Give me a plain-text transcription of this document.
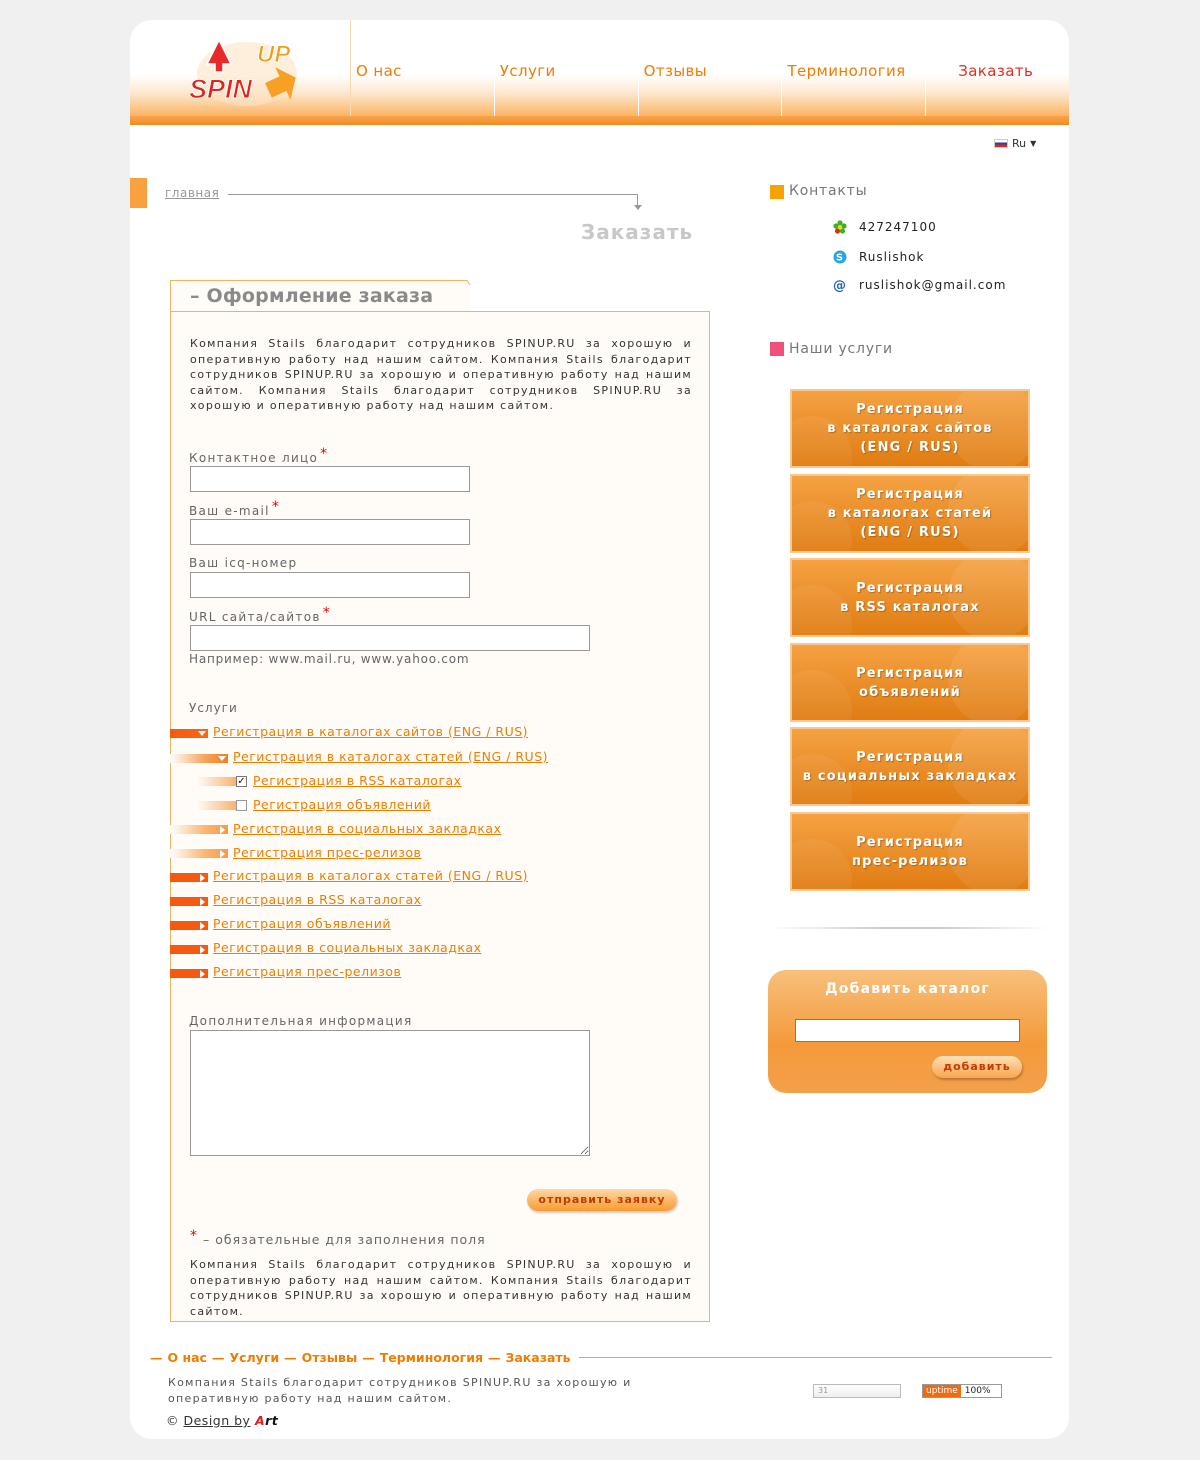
SPIN
UP
О нас	Услуги	Отзывы	Терминология	Заказать
Ru ▼
главная
Заказать
– Оформление заказа
Компания Stails благодарит сотрудников SPINUP.RU за хорошую и оперативную работу над нашим сайтом. Компания Stails благодарит сотрудников SPINUP.RU за хорошую и оперативную работу над нашим сайтом. Компания Stails благодарит сотрудников SPINUP.RU за хорошую и оперативную работу над нашим сайтом.
Контактное лицо *
Ваш e-mail *
Ваш icq-номер
URL сайта/сайтов *
Например: www.mail.ru, www.yahoo.com
Услуги
Регистрация в каталогах сайтов (ENG / RUS)
Регистрация в каталогах статей (ENG / RUS)
✓ Регистрация в RSS каталогах
Регистрация объявлений
Регистрация в социальных закладках
Регистрация прес-релизов
Регистрация в каталогах статей (ENG / RUS)
Регистрация в RSS каталогах
Регистрация объявлений
Регистрация в социальных закладках
Регистрация прес-релизов
Дополнительная информация
отправить заявку
* – обязательные для заполнения поля
Компания Stails благодарит сотрудников SPINUP.RU за хорошую и оперативную работу над нашим сайтом. Компания Stails благодарит сотрудников SPINUP.RU за хорошую и оперативную работу над нашим сайтом.
Контакты
427247100
S Ruslishok
@ ruslishok@gmail.com
Наши услуги
Регистрация
в каталогах сайтов
(ENG / RUS)
Регистрация
в каталогах статей
(ENG / RUS)
Регистрация
в RSS каталогах
Регистрация
объявлений
Регистрация
в социальных закладках
Регистрация
прес-релизов
Добавить каталог
добавить
— О нас — Услуги — Отзывы — Терминология — Заказать
Компания Stails благодарит сотрудников SPINUP.RU за хорошую и оперативную работу над нашим сайтом.
© Design by Art
31	uptime 100%
